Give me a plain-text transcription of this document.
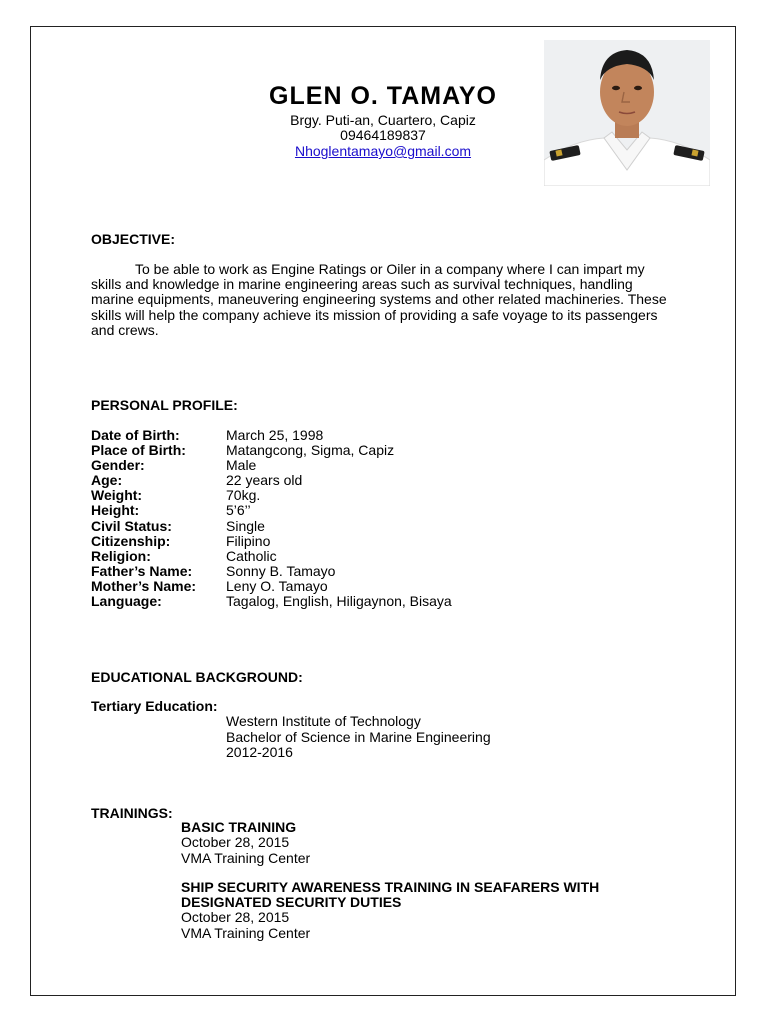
GLEN O. TAMAYO
Brgy. Puti-an, Cuartero, Capiz
09464189837
Nhoglentamayo@gmail.com
OBJECTIVE:

To be able to work as Engine Ratings or Oiler in a company where I can impart my skills and knowledge in marine engineering areas such as survival techniques, handling marine equipments, maneuvering engineering systems and other related machineries. These skills will help the company achieve its mission of providing a safe voyage to its passengers and crews.

PERSONAL PROFILE:
Date of Birth:	March 25, 1998
Place of Birth:	Matangcong, Sigma, Capiz
Gender:	Male
Age:	22 years old
Weight:	70kg.
Height:	5’6’’
Civil Status:	Single
Citizenship:	Filipino
Religion:	Catholic
Father’s Name:	Sonny B. Tamayo
Mother’s Name:	Leny O. Tamayo
Language:	Tagalog, English, Hiligaynon, Bisaya
EDUCATIONAL BACKGROUND:
Tertiary Education:
Western Institute of Technology
Bachelor of Science in Marine Engineering
2012-2016
TRAININGS:
BASIC TRAINING
October 28, 2015
VMA Training Center
SHIP SECURITY AWARENESS TRAINING IN SEAFARERS WITH
DESIGNATED SECURITY DUTIES
October 28, 2015
VMA Training Center
